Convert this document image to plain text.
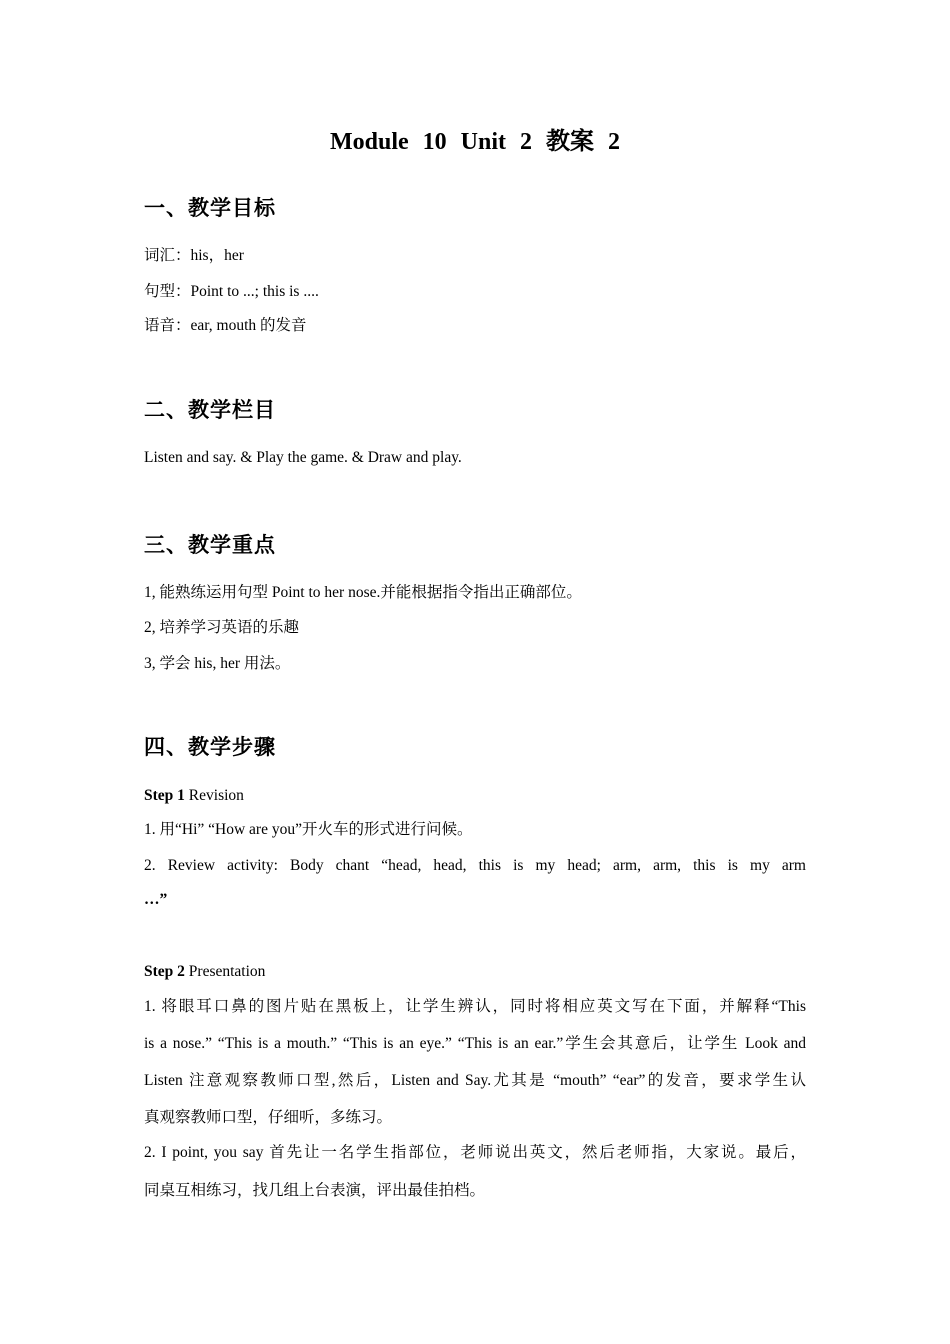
Module 10 Unit 2 教案 2
一、教学目标
词汇：his，her
句型：Point to ...; this is ....
语音：ear, mouth 的发音
二、教学栏目
Listen and say. & Play the game. & Draw and play.
三、教学重点
1, 能熟练运用句型 Point to her nose.并能根据指令指出正确部位。
2, 培养学习英语的乐趣
3, 学会 his, her 用法。
四、教学步骤
Step 1 Revision
1. 用“Hi” “How are you”开火车的形式进行问候。
2. Review activity: Body chant “head, head, this is my head; arm, arm, this is my arm
…”
Step 2 Presentation
1. 将眼耳口鼻的图片贴在黑板上，让学生辨认，同时将相应英文写在下面，并解释“This
is a nose.” “This is a mouth.” “This is an eye.” “This is an ear.”学生会其意后，让学生 Look and
Listen 注意观察教师口型,然后，Listen and Say.尤其是 “mouth” “ear”的发音，要求学生认
真观察教师口型，仔细听，多练习。
2. I point, you say 首先让一名学生指部位，老师说出英文，然后老师指，大家说。最后，
同桌互相练习，找几组上台表演，评出最佳拍档。
